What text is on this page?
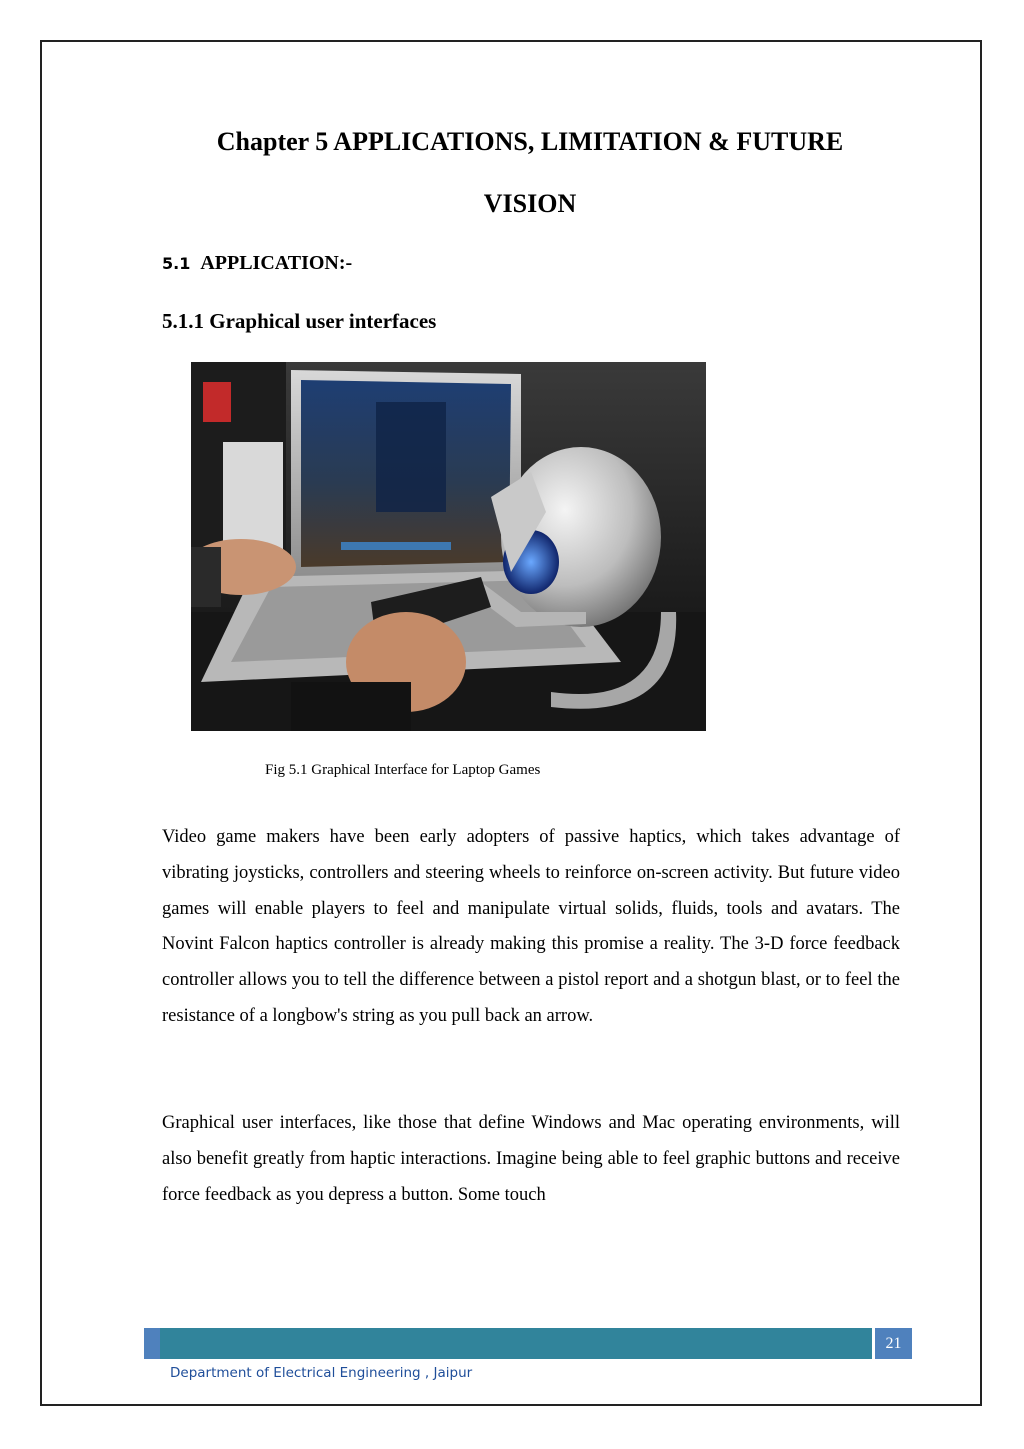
Chapter 5 APPLICATIONS, LIMITATION & FUTURE
VISION
5.1 APPLICATION:-
5.1.1 Graphical user interfaces
Fig 5.1 Graphical Interface for Laptop Games
Video game makers have been early adopters of passive haptics, which takes advantage of vibrating joysticks, controllers and steering wheels to reinforce on-screen activity. But future video games will enable players to feel and manipulate virtual solids, fluids, tools and avatars. The Novint Falcon haptics controller is already making this promise a reality. The 3-D force feedback controller allows you to tell the difference between a pistol report and a shotgun blast, or to feel the resistance of a longbow's string as you pull back an arrow.
Graphical user interfaces, like those that define Windows and Mac operating environments, will also benefit greatly from haptic interactions. Imagine being able to feel graphic buttons and receive force feedback as you depress a button. Some touch
21
Department of Electrical Engineering , Jaipur
